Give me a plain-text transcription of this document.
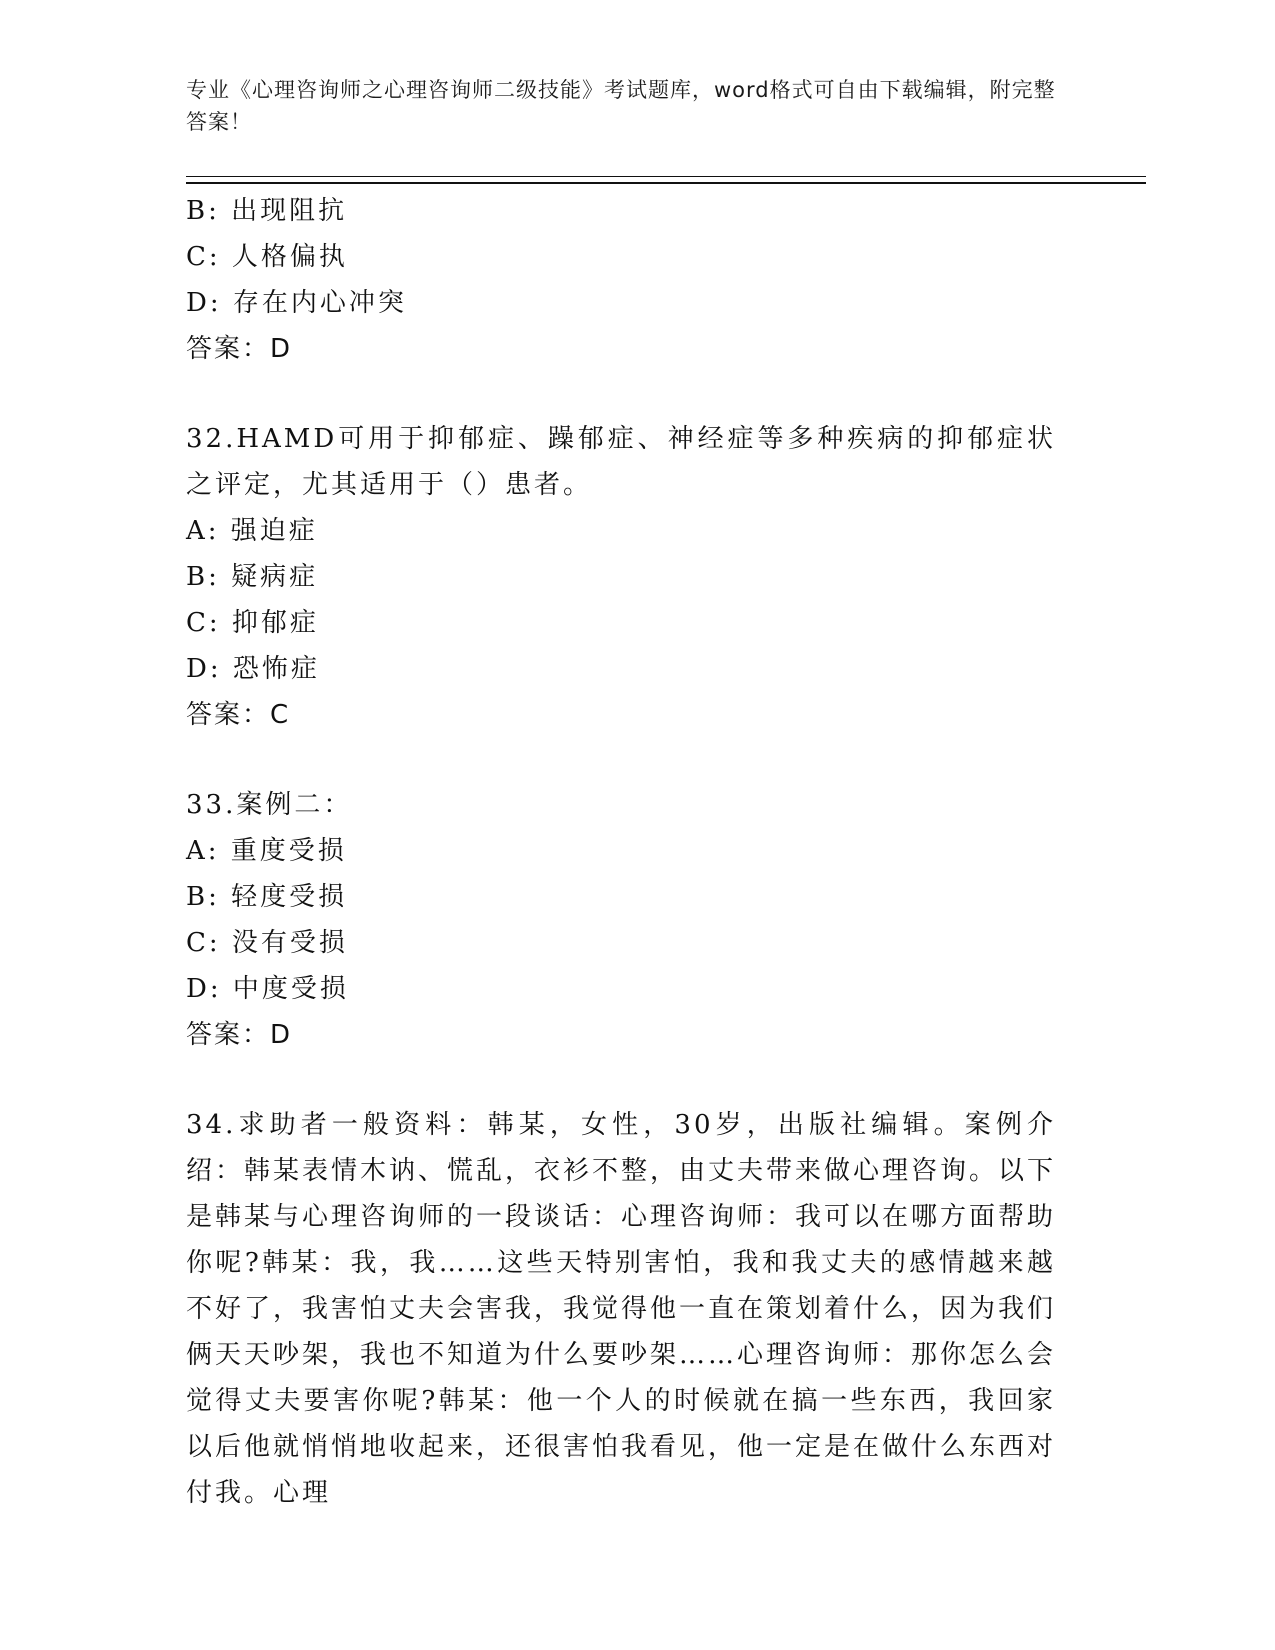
专业《心理咨询师之心理咨询师二级技能》考试题库，word格式可自由下载编辑，附完整答案！
B: 出现阻抗
C: 人格偏执
D: 存在内心冲突
答案：D
32.HAMD可用于抑郁症、躁郁症、神经症等多种疾病的抑郁症状之评定，尤其适用于（）患者。
A: 强迫症
B: 疑病症
C: 抑郁症
D: 恐怖症
答案：C
33.案例二：
A: 重度受损
B: 轻度受损
C: 没有受损
D: 中度受损
答案：D
34.求助者一般资料：韩某，女性，30岁，出版社编辑。案例介绍：韩某表情木讷、慌乱，衣衫不整，由丈夫带来做心理咨询。以下是韩某与心理咨询师的一段谈话：心理咨询师：我可以在哪方面帮助你呢?韩某：我，我……这些天特别害怕，我和我丈夫的感情越来越不好了，我害怕丈夫会害我，我觉得他一直在策划着什么，因为我们俩天天吵架，我也不知道为什么要吵架……心理咨询师：那你怎么会觉得丈夫要害你呢?韩某：他一个人的时候就在搞一些东西，我回家以后他就悄悄地收起来，还很害怕我看见，他一定是在做什么东西对付我。心理
